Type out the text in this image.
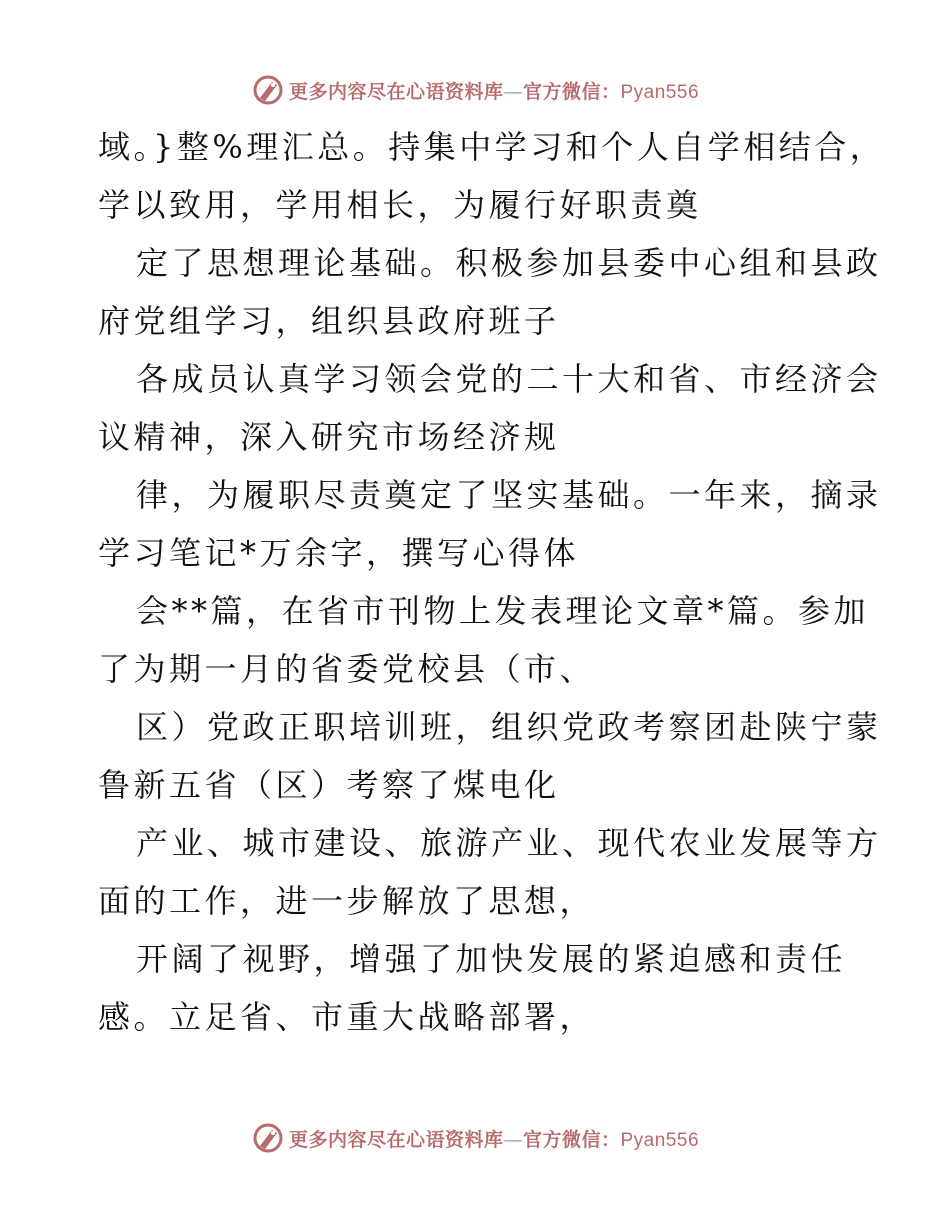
更多内容尽在心语资料库—官方微信：Pyan556
域。}整%理汇总。持集中学习和个人自学相结合，
学以致用，学用相长，为履行好职责奠
定了思想理论基础。积极参加县委中心组和县政
府党组学习，组织县政府班子
各成员认真学习领会党的二十大和省、市经济会
议精神，深入研究市场经济规
律，为履职尽责奠定了坚实基础。一年来，摘录
学习笔记*万余字，撰写心得体
会**篇，在省市刊物上发表理论文章*篇。参加
了为期一月的省委党校县（市、
区）党政正职培训班，组织党政考察团赴陕宁蒙
鲁新五省（区）考察了煤电化
产业、城市建设、旅游产业、现代农业发展等方
面的工作，进一步解放了思想，
开阔了视野，增强了加快发展的紧迫感和责任
感。立足省、市重大战略部署，
更多内容尽在心语资料库—官方微信：Pyan556
